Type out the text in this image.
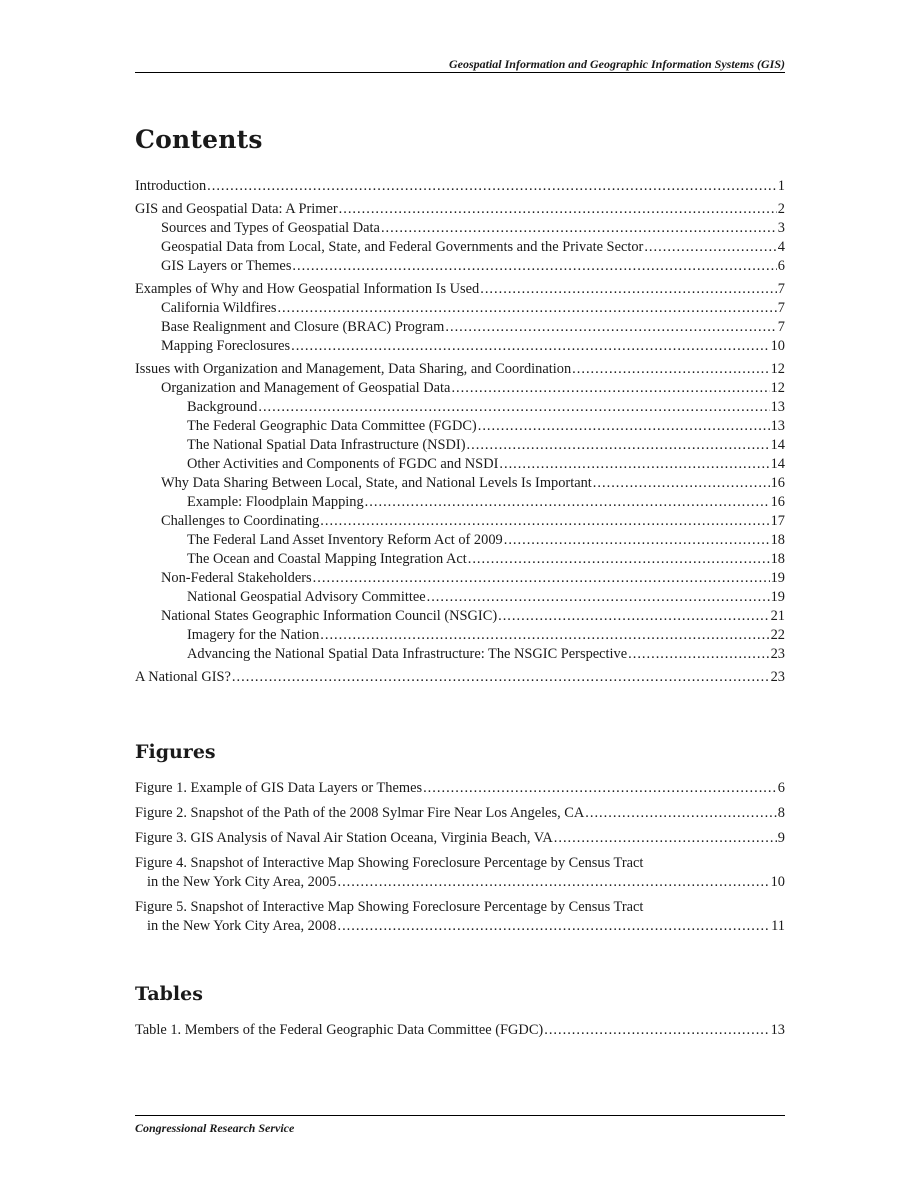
Geospatial Information and Geographic Information Systems (GIS)
Contents
Introduction .....	1
GIS and Geospatial Data: A Primer .....	2
Sources and Types of Geospatial Data .....	3
Geospatial Data from Local, State, and Federal Governments and the Private Sector .....	4
GIS Layers or Themes .....	6
Examples of Why and How Geospatial Information Is Used .....	7
California Wildfires .....	7
Base Realignment and Closure (BRAC) Program .....	7
Mapping Foreclosures .....	10
Issues with Organization and Management, Data Sharing, and Coordination .....	12
Organization and Management of Geospatial Data .....	12
Background .....	13
The Federal Geographic Data Committee (FGDC) .....	13
The National Spatial Data Infrastructure (NSDI) .....	14
Other Activities and Components of FGDC and NSDI .....	14
Why Data Sharing Between Local, State, and National Levels Is Important .....	16
Example: Floodplain Mapping .....	16
Challenges to Coordinating .....	17
The Federal Land Asset Inventory Reform Act of 2009 .....	18
The Ocean and Coastal Mapping Integration Act .....	18
Non-Federal Stakeholders .....	19
National Geospatial Advisory Committee .....	19
National States Geographic Information Council (NSGIC) .....	21
Imagery for the Nation .....	22
Advancing the National Spatial Data Infrastructure: The NSGIC Perspective .....	23
A National GIS? .....	23
Figures
Figure 1. Example of GIS Data Layers or Themes .....	6
Figure 2. Snapshot of the Path of the 2008 Sylmar Fire Near Los Angeles, CA .....	8
Figure 3. GIS Analysis of Naval Air Station Oceana, Virginia Beach, VA .....	9
Figure 4. Snapshot of Interactive Map Showing Foreclosure Percentage by Census Tract
in the New York City Area, 2005 .....	10
Figure 5. Snapshot of Interactive Map Showing Foreclosure Percentage by Census Tract
in the New York City Area, 2008 .....	11
Tables
Table 1. Members of the Federal Geographic Data Committee (FGDC) .....	13
Congressional Research Service
